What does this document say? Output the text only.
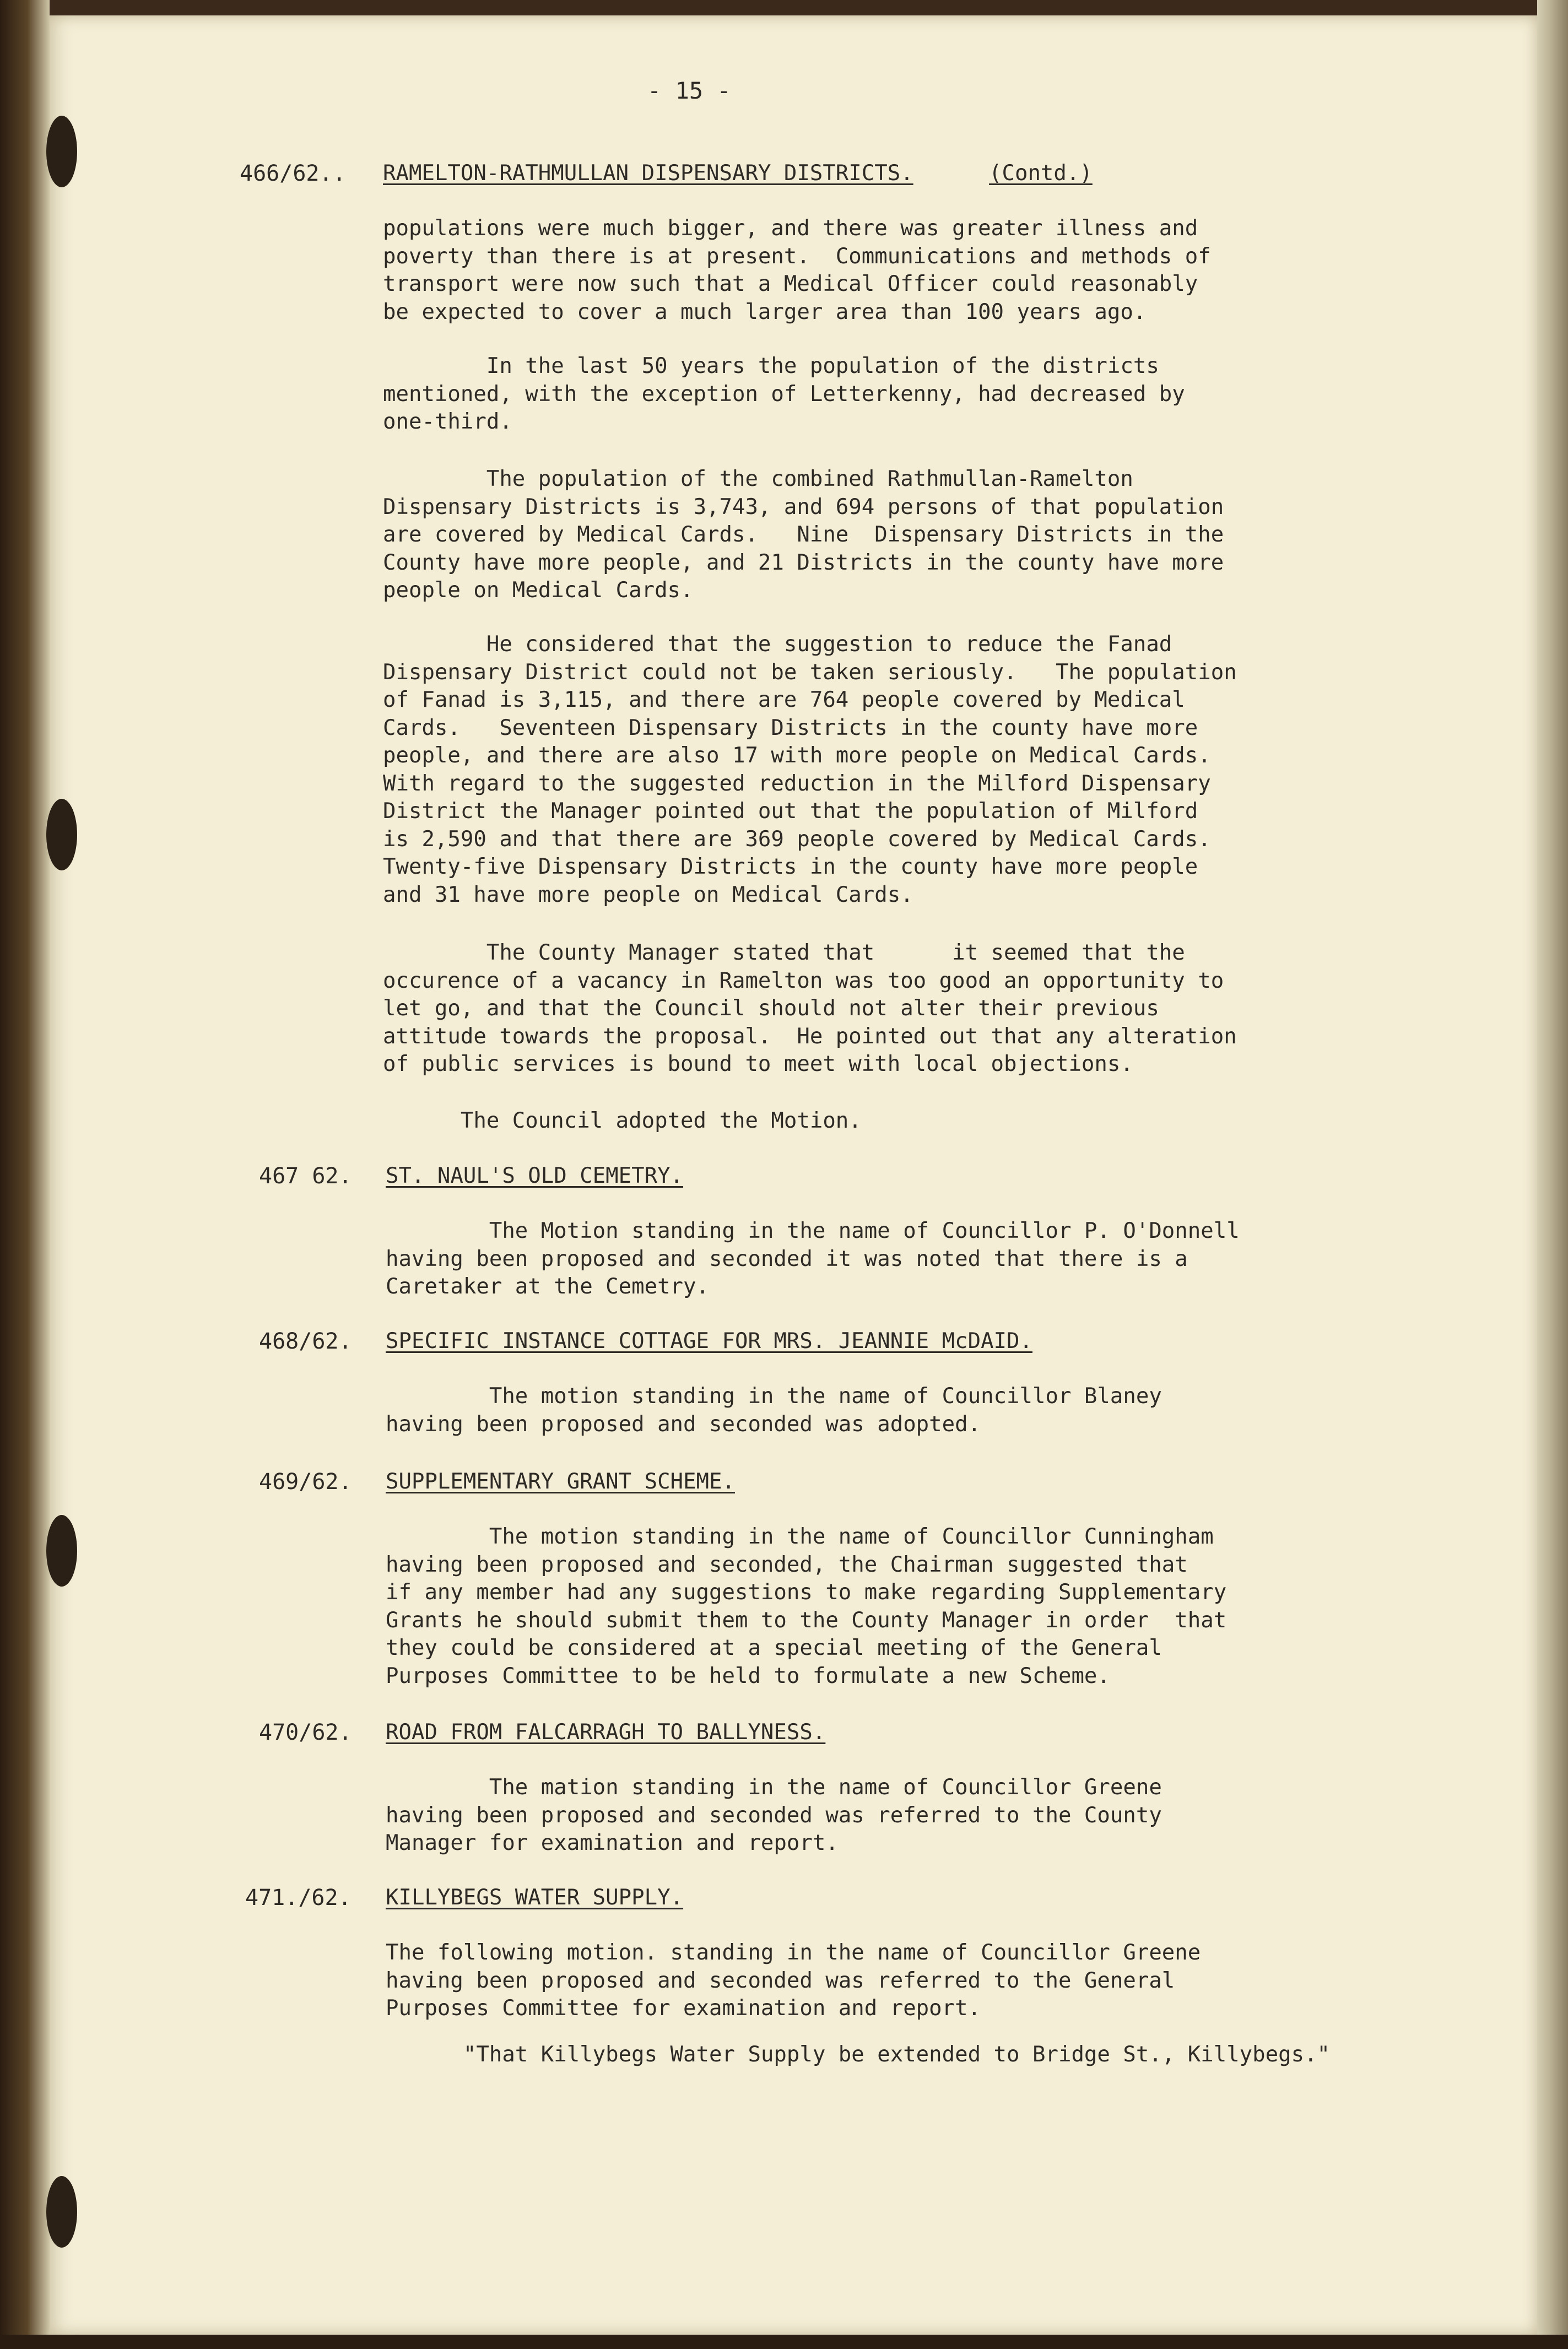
- 15 -

466/62.. RAMELTON-RATHMULLAN DISPENSARY DISTRICTS.	(Contd.)

populations were much bigger, and there was greater illness and
poverty than there is at present.  Communications and methods of
transport were now such that a Medical Officer could reasonably
be expected to cover a much larger area than 100 years ago.

In the last 50 years the population of the districts
mentioned, with the exception of Letterkenny, had decreased by
one-third.

The population of the combined Rathmullan-Ramelton
Dispensary Districts is 3,743, and 694 persons of that population
are covered by Medical Cards.   Nine  Dispensary Districts in the
County have more people, and 21 Districts in the county have more
people on Medical Cards.

He considered that the suggestion to reduce the Fanad
Dispensary District could not be taken seriously.   The population
of Fanad is 3,115, and there are 764 people covered by Medical
Cards.   Seventeen Dispensary Districts in the county have more
people, and there are also 17 with more people on Medical Cards.
With regard to the suggested reduction in the Milford Dispensary
District the Manager pointed out that the population of Milford
is 2,590 and that there are 369 people covered by Medical Cards.
Twenty-five Dispensary Districts in the county have more people
and 31 have more people on Medical Cards.

The County Manager stated that      it seemed that the
occurence of a vacancy in Ramelton was too good an opportunity to
let go, and that the Council should not alter their previous
attitude towards the proposal.  He pointed out that any alteration
of public services is bound to meet with local objections.

The Council adopted the Motion.

467 62. ST. NAUL'S OLD CEMETRY.

The Motion standing in the name of Councillor P. O'Donnell
having been proposed and seconded it was noted that there is a
Caretaker at the Cemetry.

468/62. SPECIFIC INSTANCE COTTAGE FOR MRS. JEANNIE McDAID.

The motion standing in the name of Councillor Blaney
having been proposed and seconded was adopted.

469/62. SUPPLEMENTARY GRANT SCHEME.

The motion standing in the name of Councillor Cunningham
having been proposed and seconded, the Chairman suggested that
if any member had any suggestions to make regarding Supplementary
Grants he should submit them to the County Manager in order  that
they could be considered at a special meeting of the General
Purposes Committee to be held to formulate a new Scheme.

470/62. ROAD FROM FALCARRAGH TO BALLYNESS.

The mation standing in the name of Councillor Greene
having been proposed and seconded was referred to the County
Manager for examination and report.

471./62. KILLYBEGS WATER SUPPLY.

The following motion. standing in the name of Councillor Greene
having been proposed and seconded was referred to the General
Purposes Committee for examination and report.

"That Killybegs Water Supply be extended to Bridge St., Killybegs."
